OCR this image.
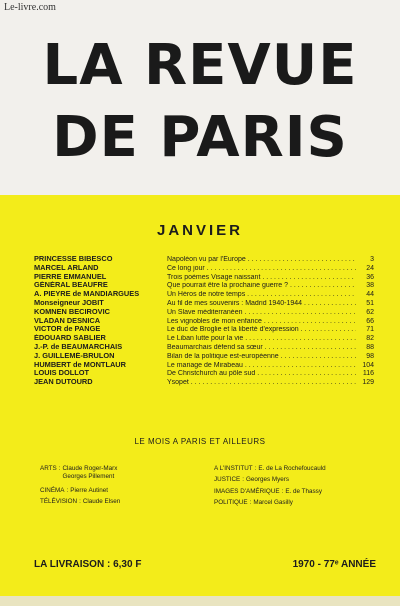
Le-livre.com
LA REVUE
DE PARIS
JANVIER
PRINCESSE BIBESCO	Napoléon vu par l'Europe . . .	3
MARCEL ARLAND	Ce long jour . . .	24
PIERRE EMMANUEL	Trois poèmes Visage naissant . . .	36
GÉNÉRAL BEAUFRE	Que pourrait être la prochaine guerre ? . . .	38
A. PIEYRE de MANDIARGUES	Un Héros de notre temps . . .	44
Monseigneur JOBIT	Au fil de mes souvenirs : Madrid 1940-1944 . . .	51
KOMNEN BECIROVIC	Un Slave méditerranéen . . .	62
VLADAN DESNICA	Les vignobles de mon enfance . . .	66
VICTOR de PANGE	Le duc de Broglie et la liberté d'expression . . .	71
ÉDOUARD SABLIER	Le Liban lutte pour la vie . . .	82
J.-P. de BEAUMARCHAIS	Beaumarchais défend sa sœur . . .	88
J. GUILLEMÉ-BRULON	Bilan de la politique est-européenne . . .	98
HUMBERT de MONTLAUR	Le mariage de Mirabeau . . .	104
LOUIS DOLLOT	De Christchurch au pôle sud . . .	116
JEAN DUTOURD	Ysopet . . .	129
LE MOIS A PARIS ET AILLEURS
ARTS : Claude Roger-Marx
Georges Pillement
CINÉMA : Pierre Autinet
TÉLÉVISION : Claude Elsen
A L'INSTITUT : E. de La Rochefoucauld
JUSTICE : Georges Myers
IMAGES D'AMÉRIQUE : E. de Thassy
POLITIQUE : Marcel Gasilly
LA LIVRAISON : 6,30 F	1970 - 77ᵉ ANNÉE
